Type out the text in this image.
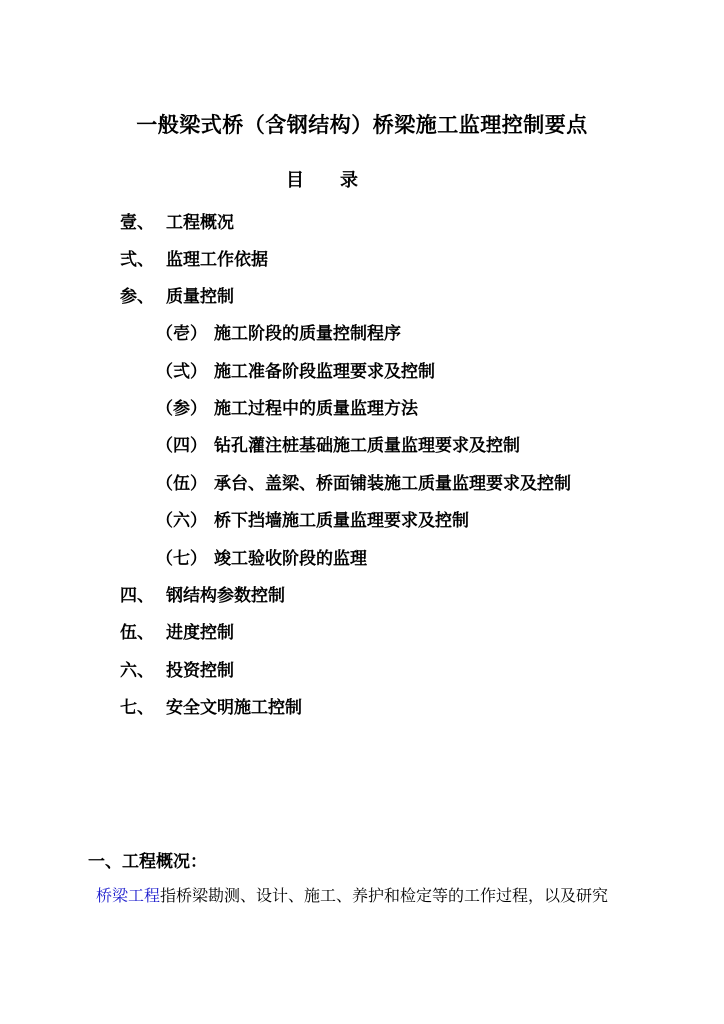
一般梁式桥（含钢结构）桥梁施工监理控制要点
目 录
壹、 工程概况
弍、 监理工作依据
参、 质量控制
（壱） 施工阶段的质量控制程序
（弍） 施工准备阶段监理要求及控制
（参） 施工过程中的质量监理方法
（四） 钻孔灌注桩基础施工质量监理要求及控制
（伍） 承台、盖梁、桥面铺装施工质量监理要求及控制
（六） 桥下挡墙施工质量监理要求及控制
（七） 竣工验收阶段的监理
四、 钢结构参数控制
伍、 进度控制
六、 投资控制
七、 安全文明施工控制
一、工程概况：
桥梁工程指桥梁勘测、设计、施工、养护和检定等的工作过程，以及研究
